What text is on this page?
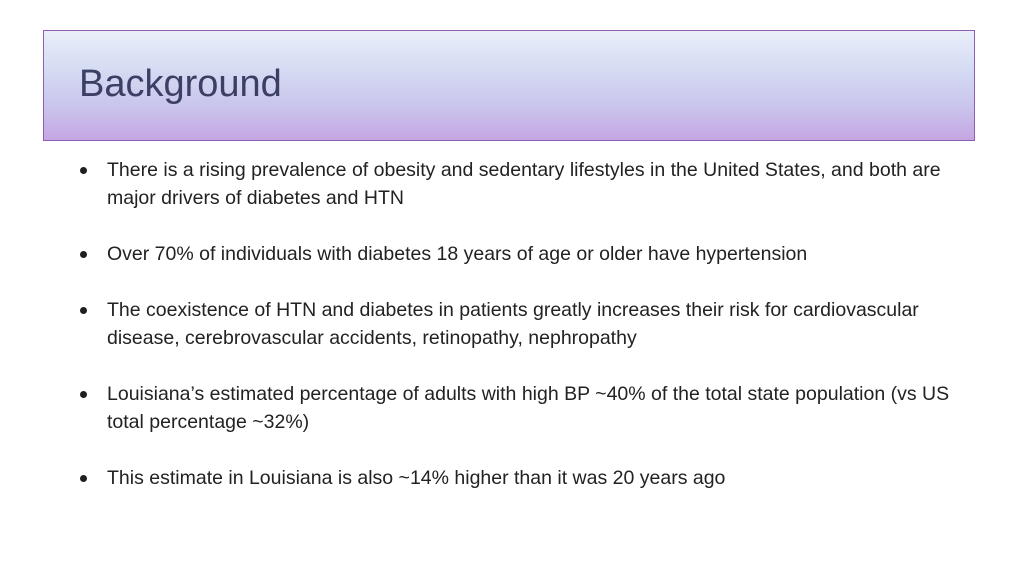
Background
There is a rising prevalence of obesity and sedentary lifestyles in the United States, and both are major drivers of diabetes and HTN
Over 70% of individuals with diabetes 18 years of age or older have hypertension
The coexistence of HTN and diabetes in patients greatly increases their risk for cardiovascular disease, cerebrovascular accidents, retinopathy, nephropathy
Louisiana’s estimated percentage of adults with high BP ~40% of the total state population (vs US total percentage ~32%)
This estimate in Louisiana is also ~14% higher than it was 20 years ago
